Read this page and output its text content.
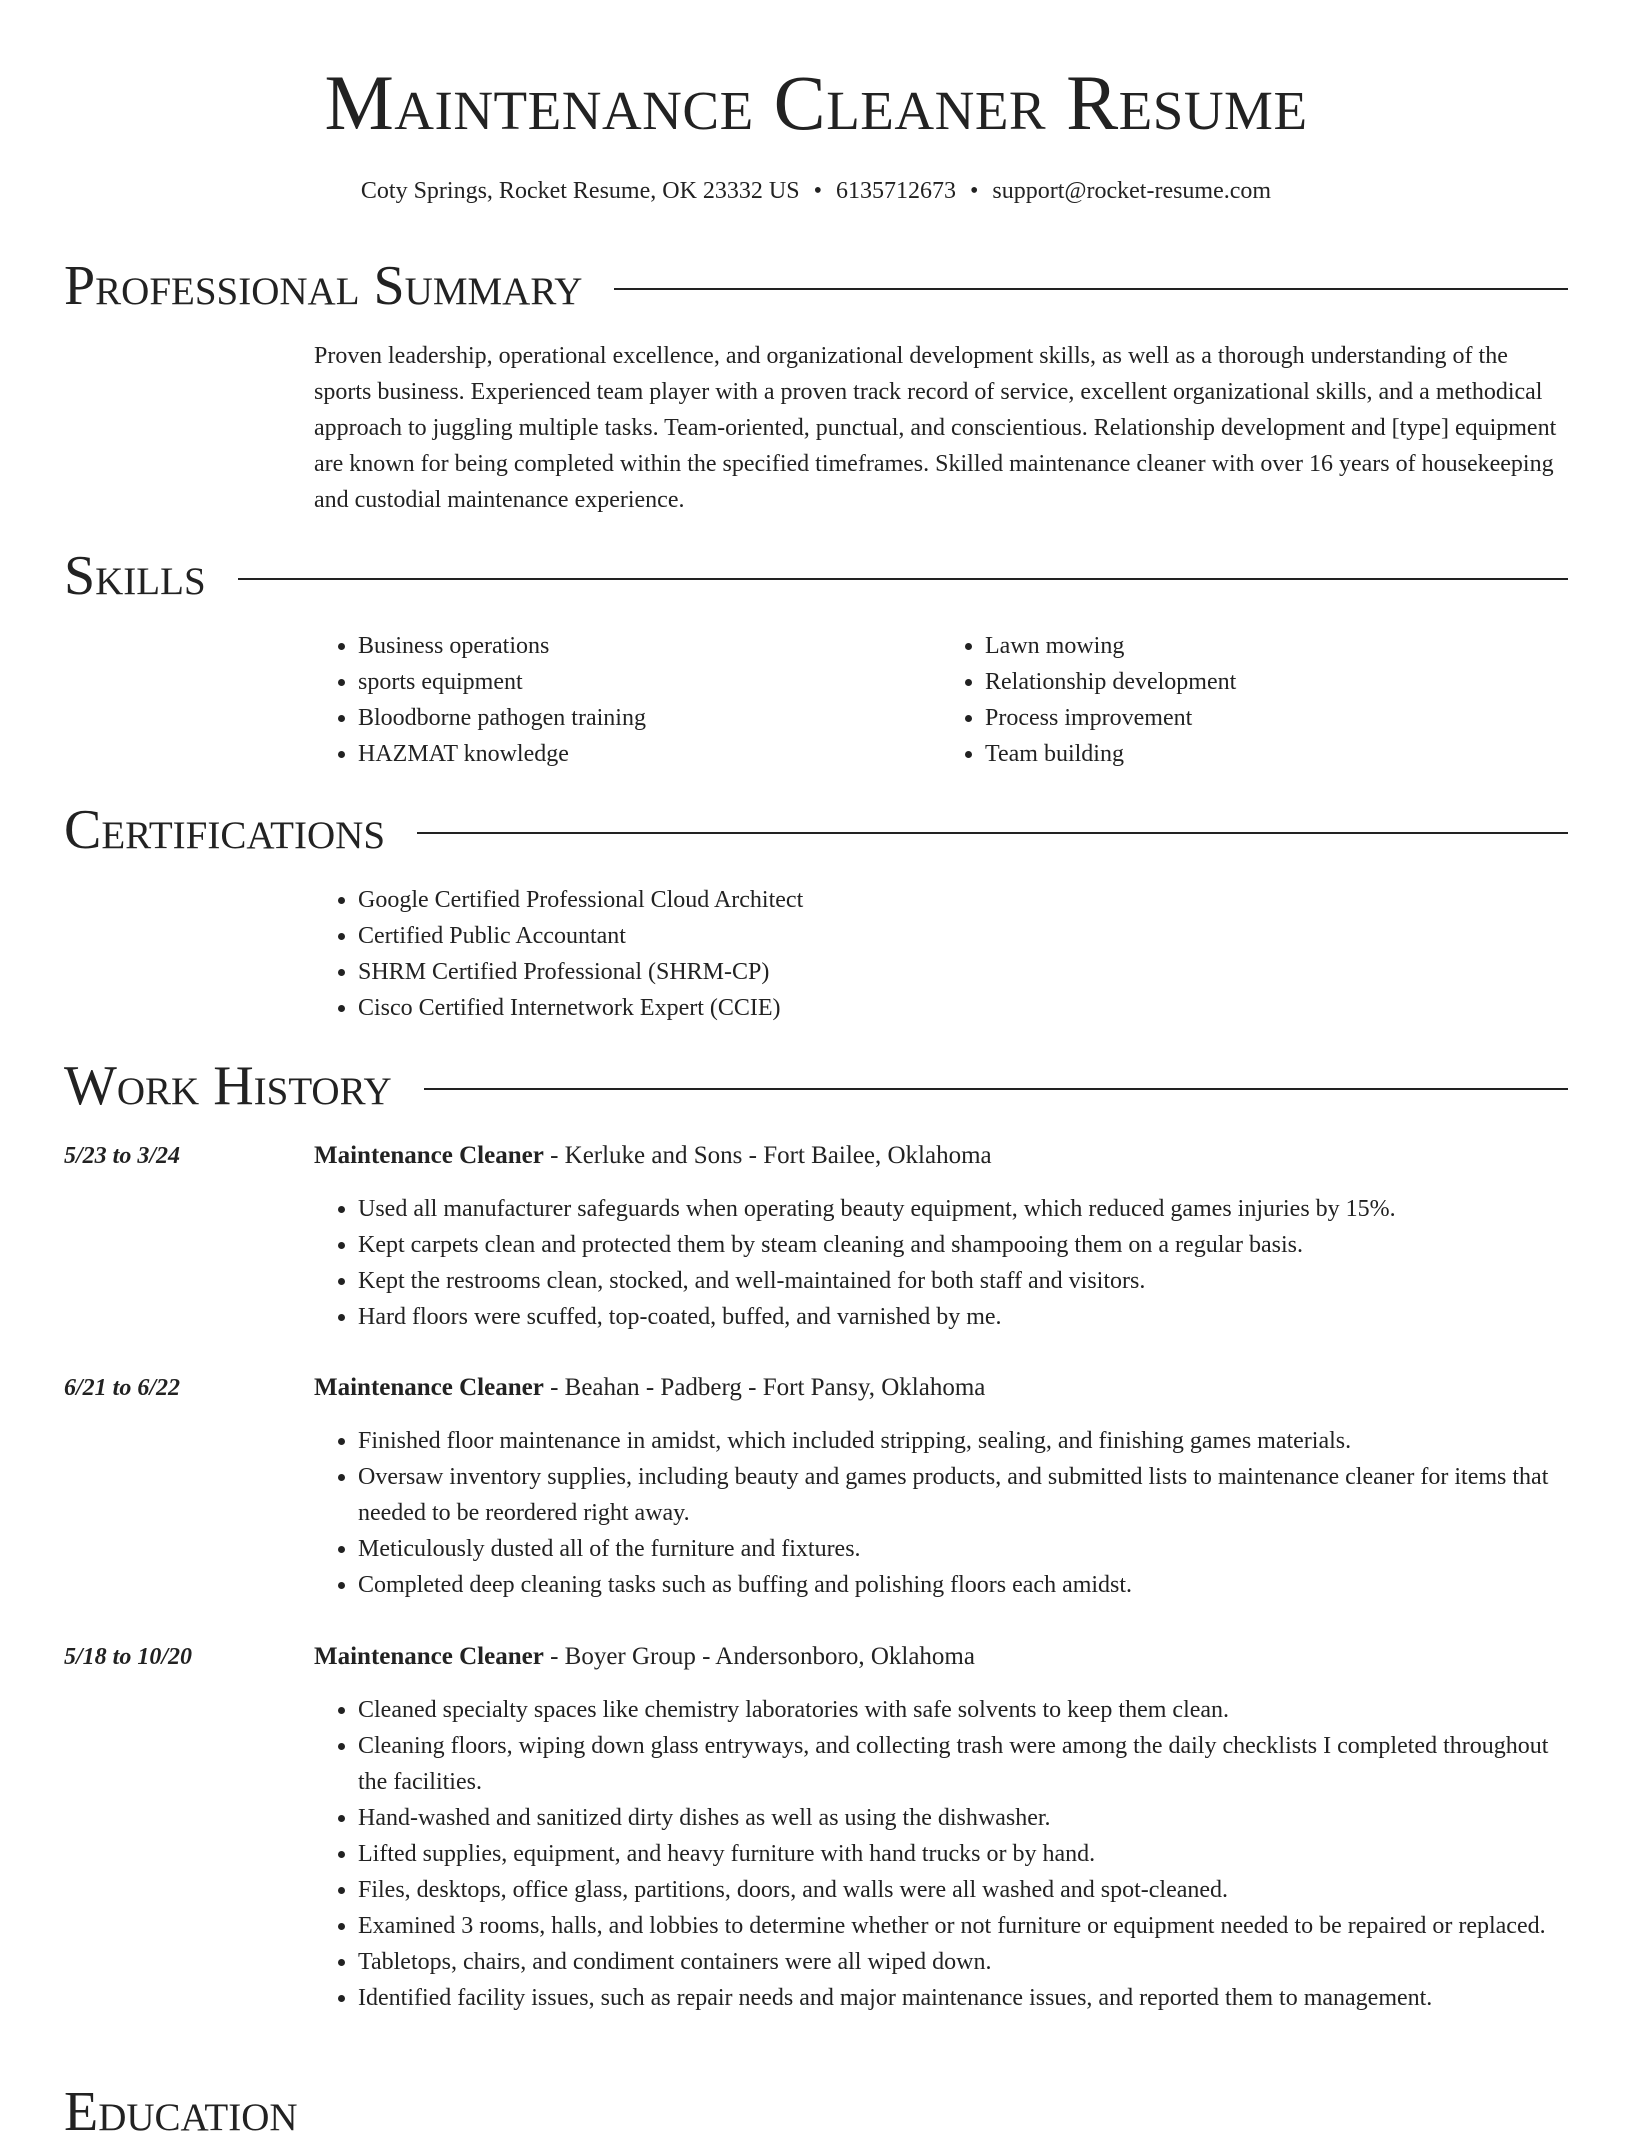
Maintenance Cleaner Resume
Coty Springs, Rocket Resume, OK 23332 US • 6135712673 • support@rocket-resume.com
Professional Summary
Proven leadership, operational excellence, and organizational development skills, as well as a thorough understanding of the sports business. Experienced team player with a proven track record of service, excellent organizational skills, and a methodical approach to juggling multiple tasks. Team-oriented, punctual, and conscientious. Relationship development and [type] equipment are known for being completed within the specified timeframes. Skilled maintenance cleaner with over 16 years of housekeeping and custodial maintenance experience.
Skills
• Business operations
• sports equipment
• Bloodborne pathogen training
• HAZMAT knowledge
• Lawn mowing
• Relationship development
• Process improvement
• Team building
Certifications
• Google Certified Professional Cloud Architect
• Certified Public Accountant
• SHRM Certified Professional (SHRM-CP)
• Cisco Certified Internetwork Expert (CCIE)
Work History
5/23 to 3/24	Maintenance Cleaner - Kerluke and Sons - Fort Bailee, Oklahoma
• Used all manufacturer safeguards when operating beauty equipment, which reduced games injuries by 15%.
• Kept carpets clean and protected them by steam cleaning and shampooing them on a regular basis.
• Kept the restrooms clean, stocked, and well-maintained for both staff and visitors.
• Hard floors were scuffed, top-coated, buffed, and varnished by me.
6/21 to 6/22	Maintenance Cleaner - Beahan - Padberg - Fort Pansy, Oklahoma
• Finished floor maintenance in amidst, which included stripping, sealing, and finishing games materials.
• Oversaw inventory supplies, including beauty and games products, and submitted lists to maintenance cleaner for items that needed to be reordered right away.
• Meticulously dusted all of the furniture and fixtures.
• Completed deep cleaning tasks such as buffing and polishing floors each amidst.
5/18 to 10/20	Maintenance Cleaner - Boyer Group - Andersonboro, Oklahoma
• Cleaned specialty spaces like chemistry laboratories with safe solvents to keep them clean.
• Cleaning floors, wiping down glass entryways, and collecting trash were among the daily checklists I completed throughout the facilities.
• Hand-washed and sanitized dirty dishes as well as using the dishwasher.
• Lifted supplies, equipment, and heavy furniture with hand trucks or by hand.
• Files, desktops, office glass, partitions, doors, and walls were all washed and spot-cleaned.
• Examined 3 rooms, halls, and lobbies to determine whether or not furniture or equipment needed to be repaired or replaced.
• Tabletops, chairs, and condiment containers were all wiped down.
• Identified facility issues, such as repair needs and major maintenance issues, and reported them to management.
Education
